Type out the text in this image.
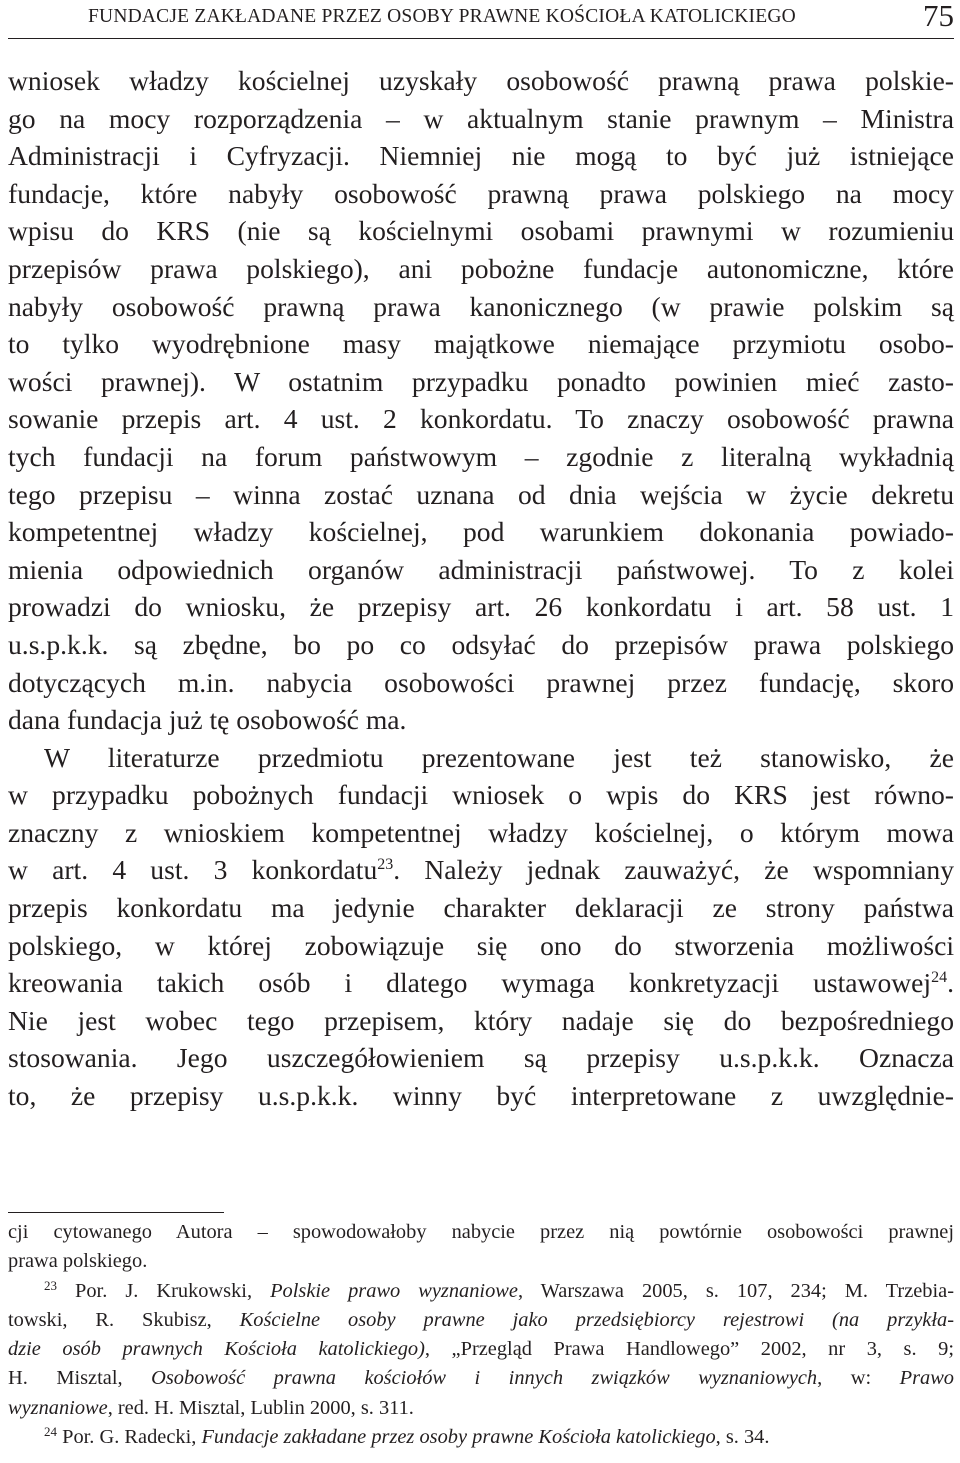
FUNDACJE ZAKŁADANE PRZEZ OSOBY PRAWNE KOŚCIOŁA KATOLICKIEGO	75

wniosek władzy kościelnej uzyskały osobowość prawną prawa polskie-
go na mocy rozporządzenia – w aktualnym stanie prawnym – Ministra
Administracji i Cyfryzacji. Niemniej nie mogą to być już istniejące
fundacje, które nabyły osobowość prawną prawa polskiego na mocy
wpisu do KRS (nie są kościelnymi osobami prawnymi w rozumieniu
przepisów prawa polskiego), ani pobożne fundacje autonomiczne, które
nabyły osobowość prawną prawa kanonicznego (w prawie polskim są
to tylko wyodrębnione masy majątkowe niemające przymiotu osobo-
wości prawnej). W ostatnim przypadku ponadto powinien mieć zasto-
sowanie przepis art. 4 ust. 2 konkordatu. To znaczy osobowość prawna
tych fundacji na forum państwowym – zgodnie z literalną wykładnią
tego przepisu – winna zostać uznana od dnia wejścia w życie dekretu
kompetentnej władzy kościelnej, pod warunkiem dokonania powiado-
mienia odpowiednich organów administracji państwowej. To z kolei
prowadzi do wniosku, że przepisy art. 26 konkordatu i art. 58 ust. 1
u.s.p.k.k. są zbędne, bo po co odsyłać do przepisów prawa polskiego
dotyczących m.in. nabycia osobowości prawnej przez fundację, skoro
dana fundacja już tę osobowość ma.

W literaturze przedmiotu prezentowane jest też stanowisko, że
w przypadku pobożnych fundacji wniosek o wpis do KRS jest równo-
znaczny z wnioskiem kompetentnej władzy kościelnej, o którym mowa
w art. 4 ust. 3 konkordatu$^{23}$. Należy jednak zauważyć, że wspomniany
przepis konkordatu ma jedynie charakter deklaracji ze strony państwa
polskiego, w której zobowiązuje się ono do stworzenia możliwości
kreowania takich osób i dlatego wymaga konkretyzacji ustawowej$^{24}$.
Nie jest wobec tego przepisem, który nadaje się do bezpośredniego
stosowania. Jego uszczegółowieniem są przepisy u.s.p.k.k. Oznacza
to, że przepisy u.s.p.k.k. winny być interpretowane z uwzględnie-

cji cytowanego Autora – spowodowałoby nabycie przez nią powtórnie osobowości prawnej
prawa polskiego.
$^{23}$ Por. J. Krukowski, Polskie prawo wyznaniowe, Warszawa 2005, s. 107, 234; M. Trzebia-
towski, R. Skubisz, Kościelne osoby prawne jako przedsiębiorcy rejestrowi (na przykła-
dzie osób prawnych Kościoła katolickiego), „Przegląd Prawa Handlowego” 2002, nr 3, s. 9;
H. Misztal, Osobowość prawna kościołów i innych związków wyznaniowych, w: Prawo
wyznaniowe, red. H. Misztal, Lublin 2000, s. 311.
$^{24}$ Por. G. Radecki, Fundacje zakładane przez osoby prawne Kościoła katolickiego, s. 34.
